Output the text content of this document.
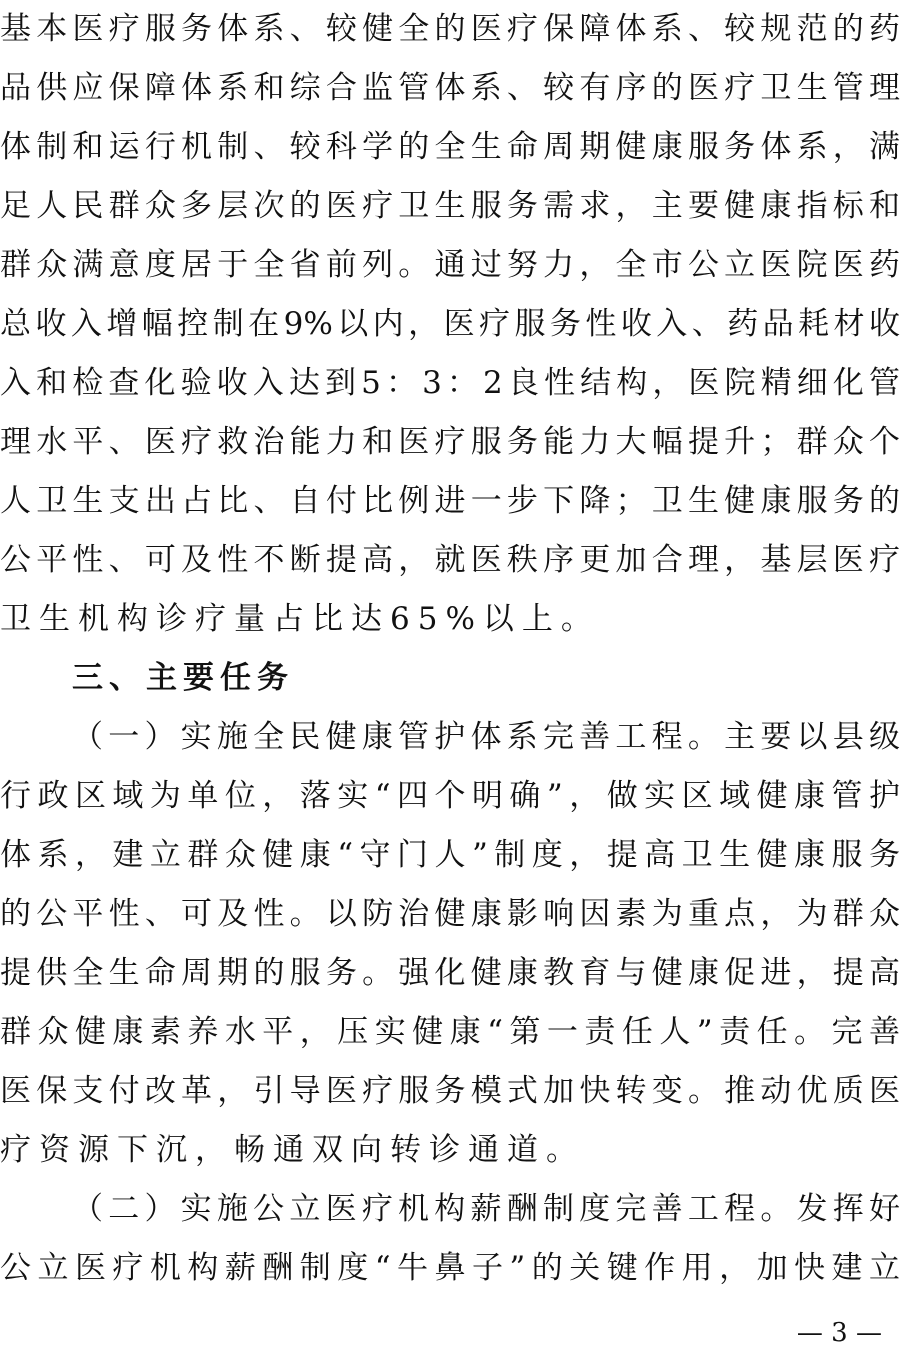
基本医疗服务体系、较健全的医疗保障体系、较规范的药
品供应保障体系和综合监管体系、较有序的医疗卫生管理
体制和运行机制、较科学的全生命周期健康服务体系，满
足人民群众多层次的医疗卫生服务需求，主要健康指标和
群众满意度居于全省前列。通过努力，全市公立医院医药
总收入增幅控制在9%以内，医疗服务性收入、药品耗材收
入和检查化验收入达到5：3：2良性结构，医院精细化管
理水平、医疗救治能力和医疗服务能力大幅提升；群众个
人卫生支出占比、自付比例进一步下降；卫生健康服务的
公平性、可及性不断提高，就医秩序更加合理，基层医疗
卫生机构诊疗量占比达65%以上。
三、主要任务
（一）实施全民健康管护体系完善工程。主要以县级
行政区域为单位，落实“四个明确”，做实区域健康管护
体系，建立群众健康“守门人”制度，提高卫生健康服务
的公平性、可及性。以防治健康影响因素为重点，为群众
提供全生命周期的服务。强化健康教育与健康促进，提高
群众健康素养水平，压实健康“第一责任人”责任。完善
医保支付改革，引导医疗服务模式加快转变。推动优质医
疗资源下沉，畅通双向转诊通道。
（二）实施公立医疗机构薪酬制度完善工程。发挥好
公立医疗机构薪酬制度“牛鼻子”的关键作用，加快建立
— 3 —
